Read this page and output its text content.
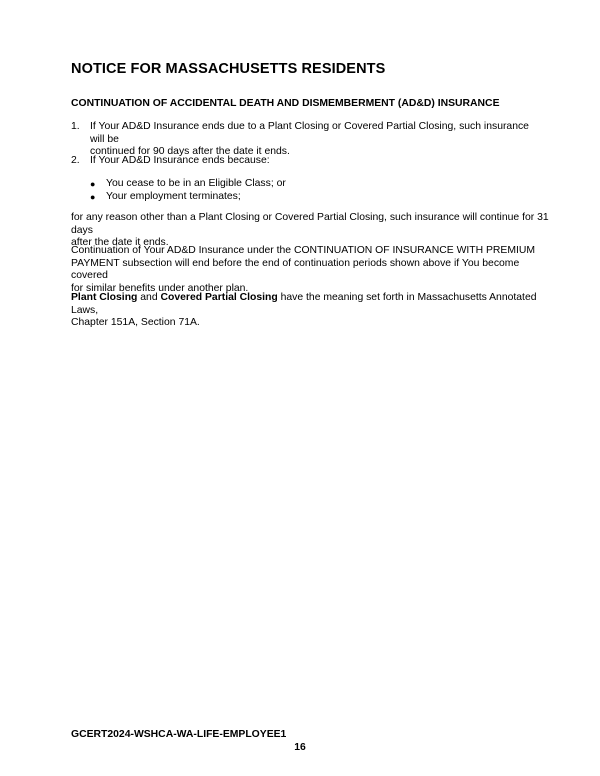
NOTICE FOR MASSACHUSETTS RESIDENTS
CONTINUATION OF ACCIDENTAL DEATH AND DISMEMBERMENT (AD&D) INSURANCE
1. If Your AD&D Insurance ends due to a Plant Closing or Covered Partial Closing, such insurance will be
continued for 90 days after the date it ends.
2. If Your AD&D Insurance ends because:
●	You cease to be in an Eligible Class; or
●	Your employment terminates;

for any reason other than a Plant Closing or Covered Partial Closing, such insurance will continue for 31 days
after the date it ends.

Continuation of Your AD&D Insurance under the CONTINUATION OF INSURANCE WITH PREMIUM
PAYMENT subsection will end before the end of continuation periods shown above if You become covered
for similar benefits under another plan.

Plant Closing and Covered Partial Closing have the meaning set forth in Massachusetts Annotated Laws,
Chapter 151A, Section 71A.

GCERT2024-WSHCA-WA-LIFE-EMPLOYEE1
16
